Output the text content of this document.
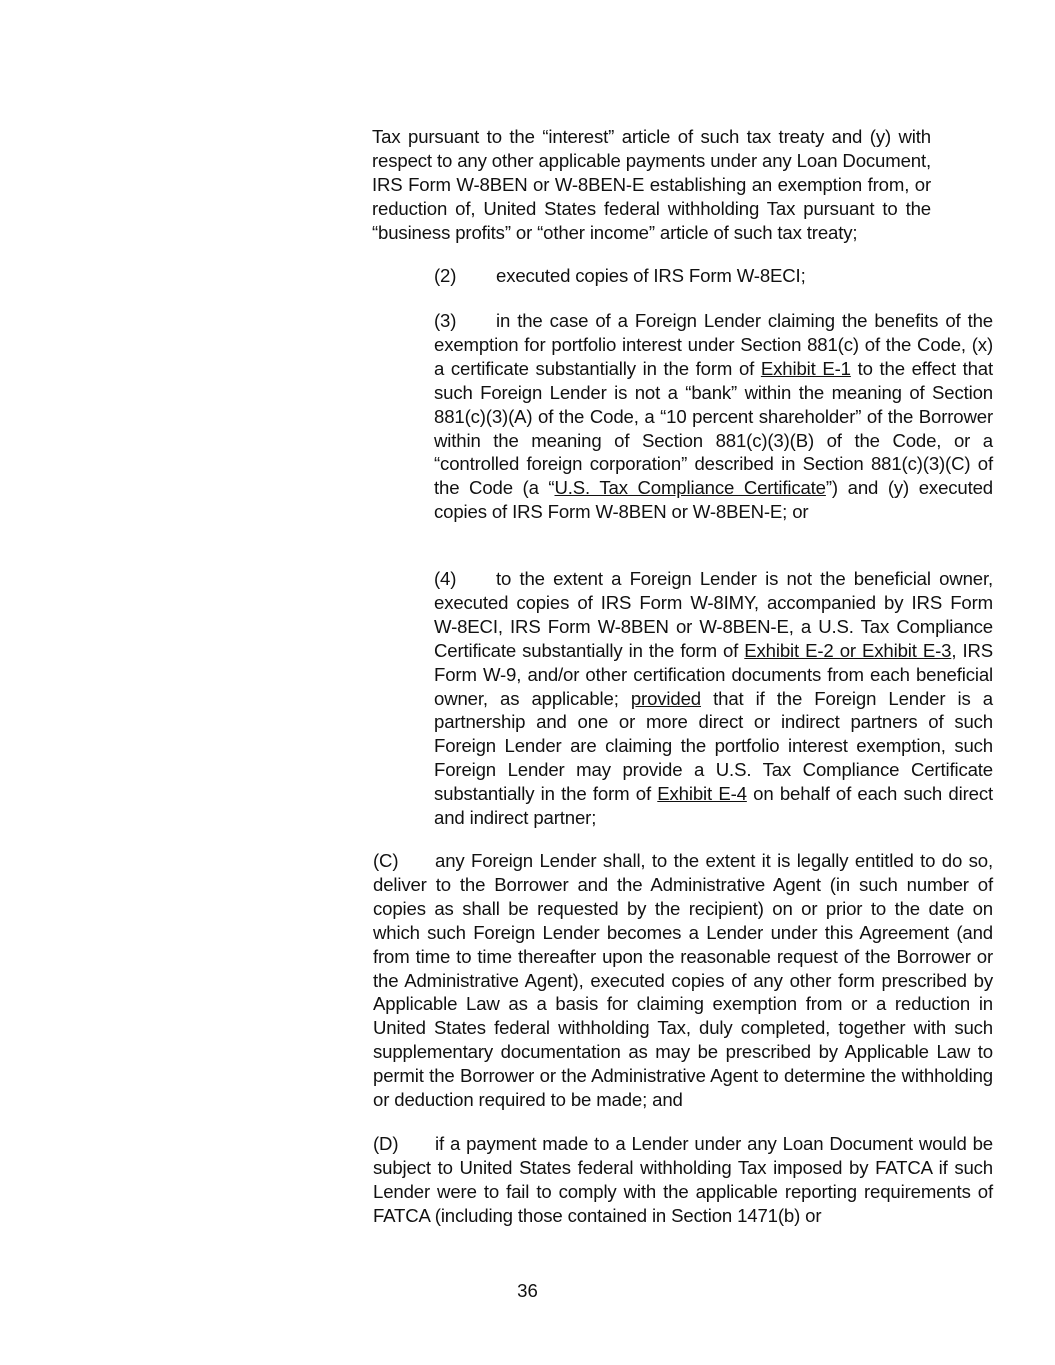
Tax pursuant to the “interest” article of such tax treaty and (y) with respect to any other applicable payments under any Loan Document, IRS Form W-8BEN or W-8BEN-E establishing an exemption from, or reduction of, United States federal withholding Tax pursuant to the “business profits” or “other income” article of such tax treaty;
(2) executed copies of IRS Form W-8ECI;
(3) in the case of a Foreign Lender claiming the benefits of the exemption for portfolio interest under Section 881(c) of the Code, (x) a certificate substantially in the form of Exhibit E-1 to the effect that such Foreign Lender is not a “bank” within the meaning of Section 881(c)(3)(A) of the Code, a “10 percent shareholder” of the Borrower within the meaning of Section 881(c)(3)(B) of the Code, or a “controlled foreign corporation” described in Section 881(c)(3)(C) of the Code (a “U.S. Tax Compliance Certificate”) and (y) executed copies of IRS Form W-8BEN or W-8BEN-E; or
(4) to the extent a Foreign Lender is not the beneficial owner, executed copies of IRS Form W-8IMY, accompanied by IRS Form W-8ECI, IRS Form W-8BEN or W-8BEN-E, a U.S. Tax Compliance Certificate substantially in the form of Exhibit E-2 or Exhibit E-3, IRS Form W-9, and/or other certification documents from each beneficial owner, as applicable; provided that if the Foreign Lender is a partnership and one or more direct or indirect partners of such Foreign Lender are claiming the portfolio interest exemption, such Foreign Lender may provide a U.S. Tax Compliance Certificate substantially in the form of Exhibit E-4 on behalf of each such direct and indirect partner;
(C) any Foreign Lender shall, to the extent it is legally entitled to do so, deliver to the Borrower and the Administrative Agent (in such number of copies as shall be requested by the recipient) on or prior to the date on which such Foreign Lender becomes a Lender under this Agreement (and from time to time thereafter upon the reasonable request of the Borrower or the Administrative Agent), executed copies of any other form prescribed by Applicable Law as a basis for claiming exemption from or a reduction in United States federal withholding Tax, duly completed, together with such supplementary documentation as may be prescribed by Applicable Law to permit the Borrower or the Administrative Agent to determine the withholding or deduction required to be made; and
(D) if a payment made to a Lender under any Loan Document would be subject to United States federal withholding Tax imposed by FATCA if such Lender were to fail to comply with the applicable reporting requirements of FATCA (including those contained in Section 1471(b) or
36
